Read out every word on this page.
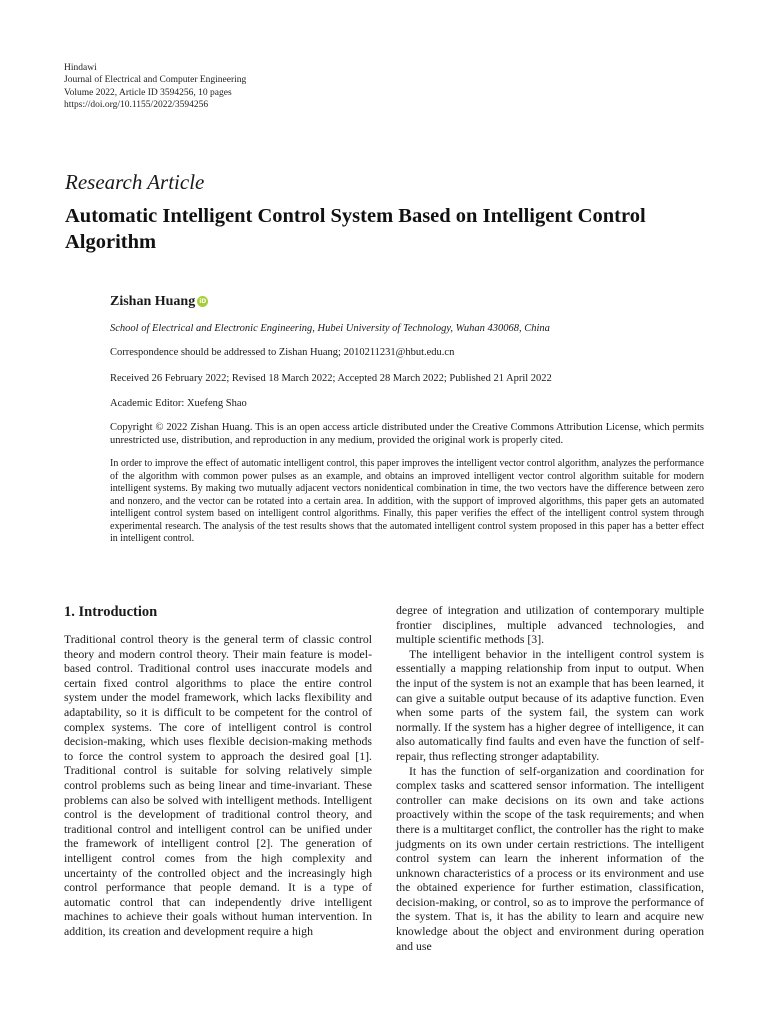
Hindawi
Journal of Electrical and Computer Engineering
Volume 2022, Article ID 3594256, 10 pages
https://doi.org/10.1155/2022/3594256
Research Article
Automatic Intelligent Control System Based on Intelligent Control Algorithm
Zishan Huang iD
School of Electrical and Electronic Engineering, Hubei University of Technology, Wuhan 430068, China
Correspondence should be addressed to Zishan Huang; 2010211231@hbut.edu.cn
Received 26 February 2022; Revised 18 March 2022; Accepted 28 March 2022; Published 21 April 2022
Academic Editor: Xuefeng Shao
Copyright © 2022 Zishan Huang. This is an open access article distributed under the Creative Commons Attribution License, which permits unrestricted use, distribution, and reproduction in any medium, provided the original work is properly cited.

In order to improve the effect of automatic intelligent control, this paper improves the intelligent vector control algorithm, analyzes the performance of the algorithm with common power pulses as an example, and obtains an improved intelligent vector control algorithm suitable for modern intelligent systems. By making two mutually adjacent vectors nonidentical combination in time, the two vectors have the difference between zero and nonzero, and the vector can be rotated into a certain area. In addition, with the support of improved algorithms, this paper gets an automated intelligent control system based on intelligent control algorithms. Finally, this paper verifies the effect of the intelligent control system through experimental research. The analysis of the test results shows that the automated intelligent control system proposed in this paper has a better effect in intelligent control.

1. Introduction

Traditional control theory is the general term of classic control theory and modern control theory. Their main feature is model-based control. Traditional control uses inaccurate models and certain fixed control algorithms to place the entire control system under the model framework, which lacks flexibility and adaptability, so it is difficult to be competent for the control of complex systems. The core of intelligent control is control decision-making, which uses flexible decision-making methods to force the control system to approach the desired goal [1]. Traditional control is suitable for solving relatively simple control problems such as being linear and time-invariant. These problems can also be solved with intelligent methods. Intelligent control is the development of traditional control theory, and traditional control and intelligent control can be unified under the framework of intelligent control [2]. The generation of intelligent control comes from the high complexity and uncertainty of the controlled object and the increasingly high control performance that people demand. It is a type of automatic control that can independently drive intelligent machines to achieve their goals without human intervention. In addition, its creation and development require a high

degree of integration and utilization of contemporary multiple frontier disciplines, multiple advanced technologies, and multiple scientific methods [3].

The intelligent behavior in the intelligent control system is essentially a mapping relationship from input to output. When the input of the system is not an example that has been learned, it can give a suitable output because of its adaptive function. Even when some parts of the system fail, the system can work normally. If the system has a higher degree of intelligence, it can also automatically find faults and even have the function of self-repair, thus reflecting stronger adaptability.

It has the function of self-organization and coordination for complex tasks and scattered sensor information. The intelligent controller can make decisions on its own and take actions proactively within the scope of the task requirements; and when there is a multitarget conflict, the controller has the right to make judgments on its own under certain restrictions. The intelligent control system can learn the inherent information of the unknown characteristics of a process or its environment and use the obtained experience for further estimation, classification, decision-making, or control, so as to improve the performance of the system. That is, it has the ability to learn and acquire new knowledge about the object and environment during operation and use
